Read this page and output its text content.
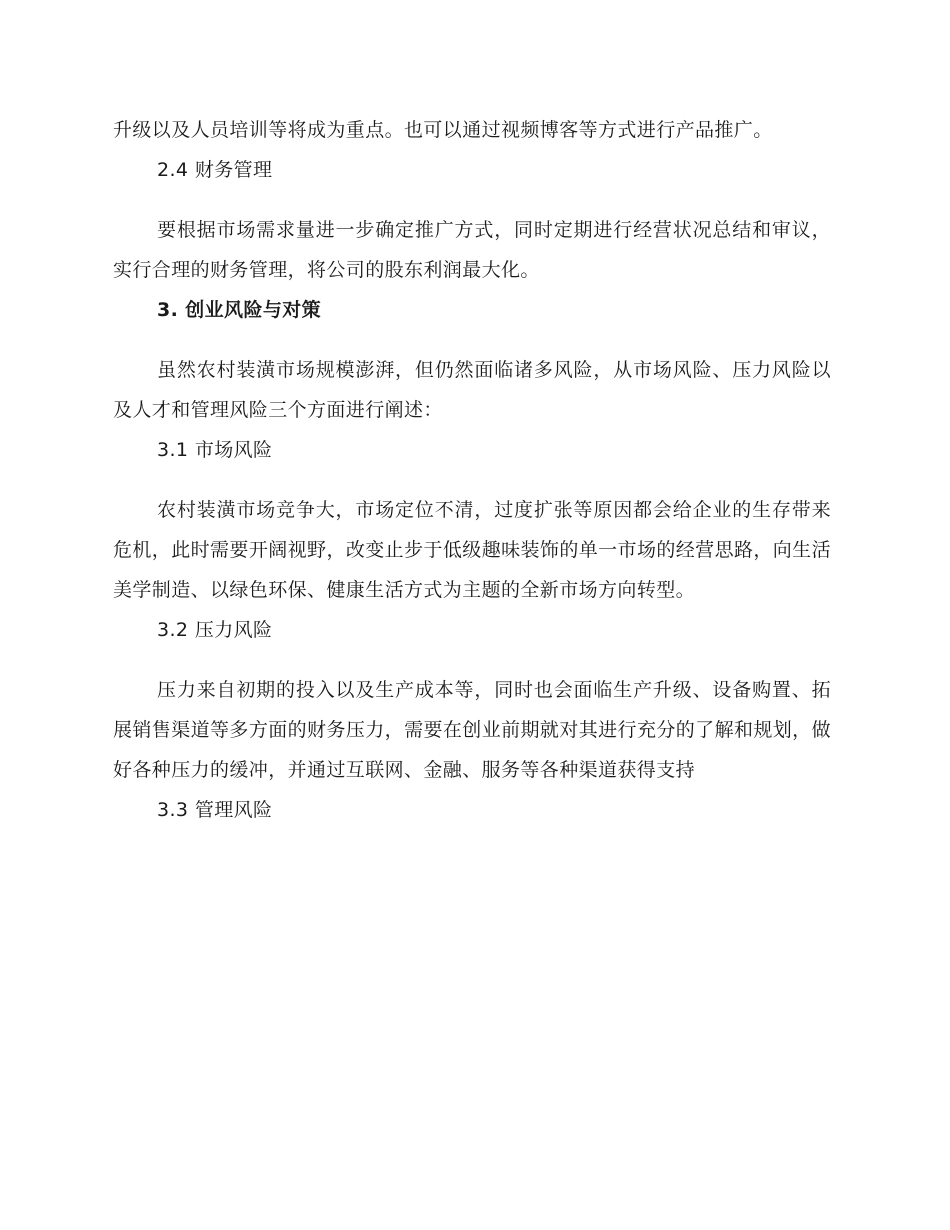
升级以及人员培训等将成为重点。也可以通过视频博客等方式进行产品推广。

2.4 财务管理

要根据市场需求量进一步确定推广方式，同时定期进行经营状况总结和审议，实行合理的财务管理，将公司的股东利润最大化。

3. 创业风险与对策

虽然农村装潢市场规模澎湃，但仍然面临诸多风险，从市场风险、压力风险以及人才和管理风险三个方面进行阐述：

3.1 市场风险

农村装潢市场竞争大，市场定位不清，过度扩张等原因都会给企业的生存带来危机，此时需要开阔视野，改变止步于低级趣味装饰的单一市场的经营思路，向生活美学制造、以绿色环保、健康生活方式为主题的全新市场方向转型。

3.2 压力风险

压力来自初期的投入以及生产成本等，同时也会面临生产升级、设备购置、拓展销售渠道等多方面的财务压力，需要在创业前期就对其进行充分的了解和规划，做好各种压力的缓冲，并通过互联网、金融、服务等各种渠道获得支持

3.3 管理风险
